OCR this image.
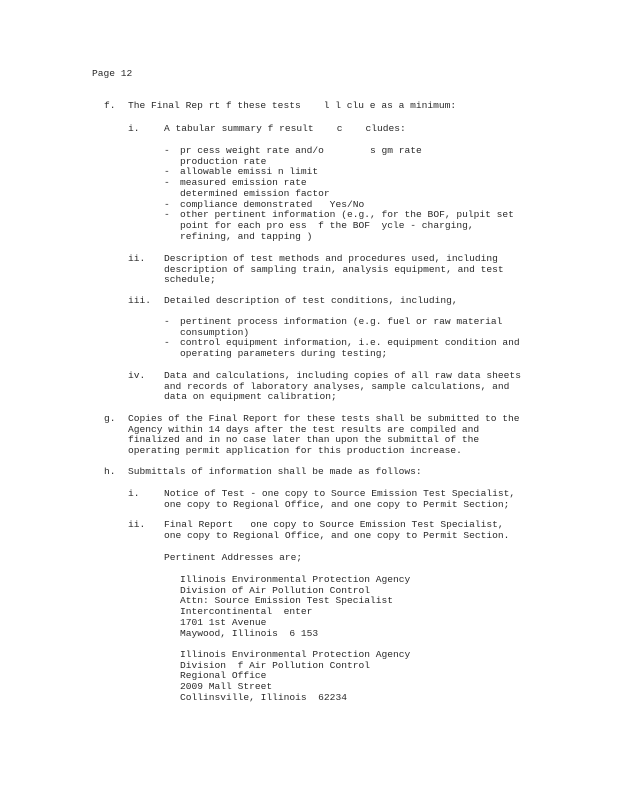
Page 12
f. The Final Rep rt f these tests    l l clu e as a minimum:
i.	A tabular summary f result    c    cludes:
- pr cess weight rate and/o        s gm rate
production rate
- allowable emissi n limit
- measured emission rate
determined emission factor
- compliance demonstrated   Yes/No
- other pertinent information (e.g., for the BOF, pulpit set
point for each pro ess  f the BOF  ycle - charging,
refining, and tapping )
ii. Description of test methods and procedures used, including
description of sampling train, analysis equipment, and test
schedule;
iii. Detailed description of test conditions, including,
- pertinent process information (e.g. fuel or raw material
consumption)
- control equipment information, i.e. equipment condition and
operating parameters during testing;
iv. Data and calculations, including copies of all raw data sheets
and records of laboratory analyses, sample calculations, and
data on equipment calibration;
g. Copies of the Final Report for these tests shall be submitted to the
Agency within 14 days after the test results are compiled and
finalized and in no case later than upon the submittal of the
operating permit application for this production increase.
h. Submittals of information shall be made as follows:
i.	Notice of Test - one copy to Source Emission Test Specialist,
one copy to Regional Office, and one copy to Permit Section;
ii. Final Report   one copy to Source Emission Test Specialist,
one copy to Regional Office, and one copy to Permit Section.
Pertinent Addresses are;
Illinois Environmental Protection Agency
Division of Air Pollution Control
Attn: Source Emission Test Specialist
Intercontinental  enter
1701 1st Avenue
Maywood, Illinois  6 153
Illinois Environmental Protection Agency
Division  f Air Pollution Control
Regional Office
2009 Mall Street
Collinsville, Illinois  62234
